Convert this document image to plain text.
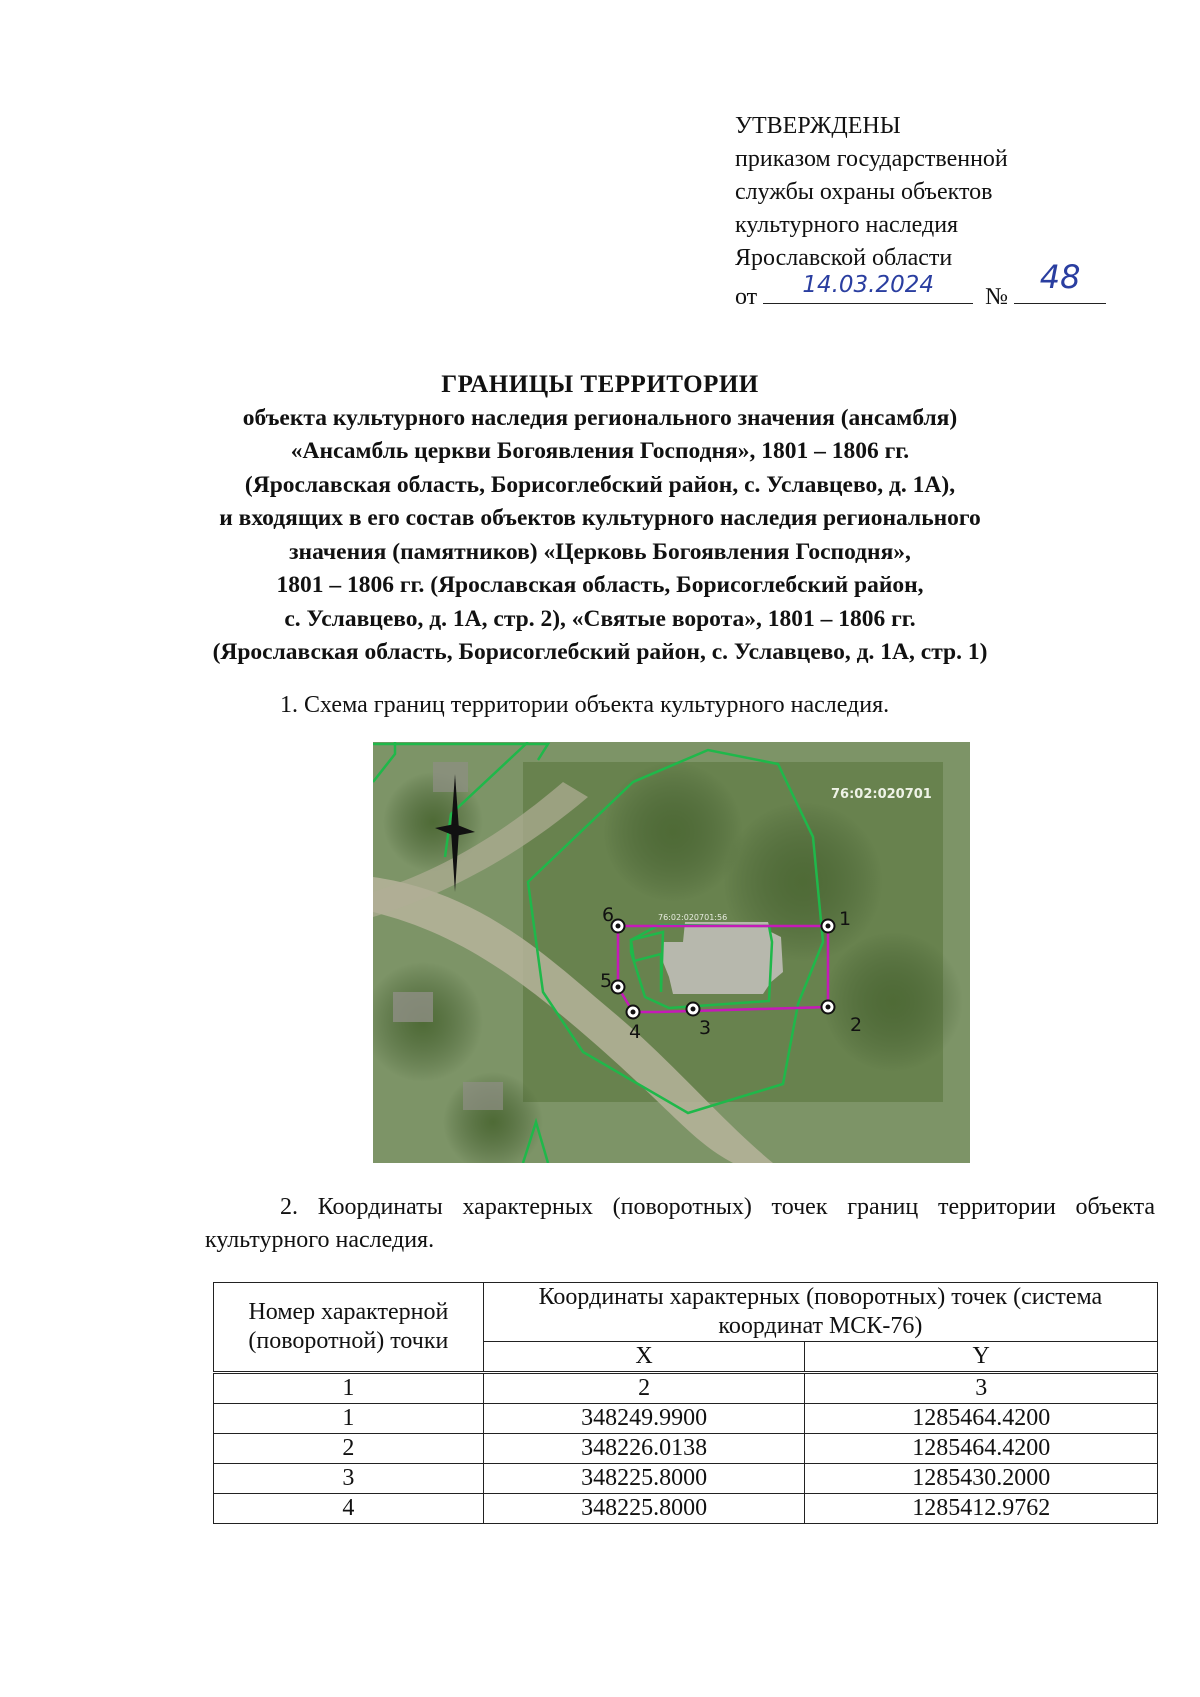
УТВЕРЖДЕНЫ
приказом государственной
службы охраны объектов
культурного наследия
Ярославской области
от	14.03.2024	№
48
ГРАНИЦЫ ТЕРРИТОРИИ
объекта культурного наследия регионального значения (ансамбля)
«Ансамбль церкви Богоявления Господня», 1801 – 1806 гг.
(Ярославская область, Борисоглебский район, с. Уславцево, д. 1А),
и входящих в его состав объектов культурного наследия регионального
значения (памятников) «Церковь Богоявления Господня»,
1801 – 1806 гг. (Ярославская область, Борисоглебский район,
с. Уславцево, д. 1А, стр. 2), «Святые ворота», 1801 – 1806 гг.
(Ярославская область, Борисоглебский район, с. Уславцево, д. 1А, стр. 1)
1. Схема границ территории объекта культурного наследия.
76:02:020701
76:02:020701:56	1
2
3
4
5
6
2. Координаты характерных (поворотных) точек границ территории объекта культурного наследия.
Номер характерной (поворотной) точки	Координаты характерных (поворотных) точек (система координат МСК-76)	
	X	Y
1	2	3
1	348249.9900	1285464.4200
2	348226.0138	1285464.4200
3	348225.8000	1285430.2000
4	348225.8000	1285412.9762
